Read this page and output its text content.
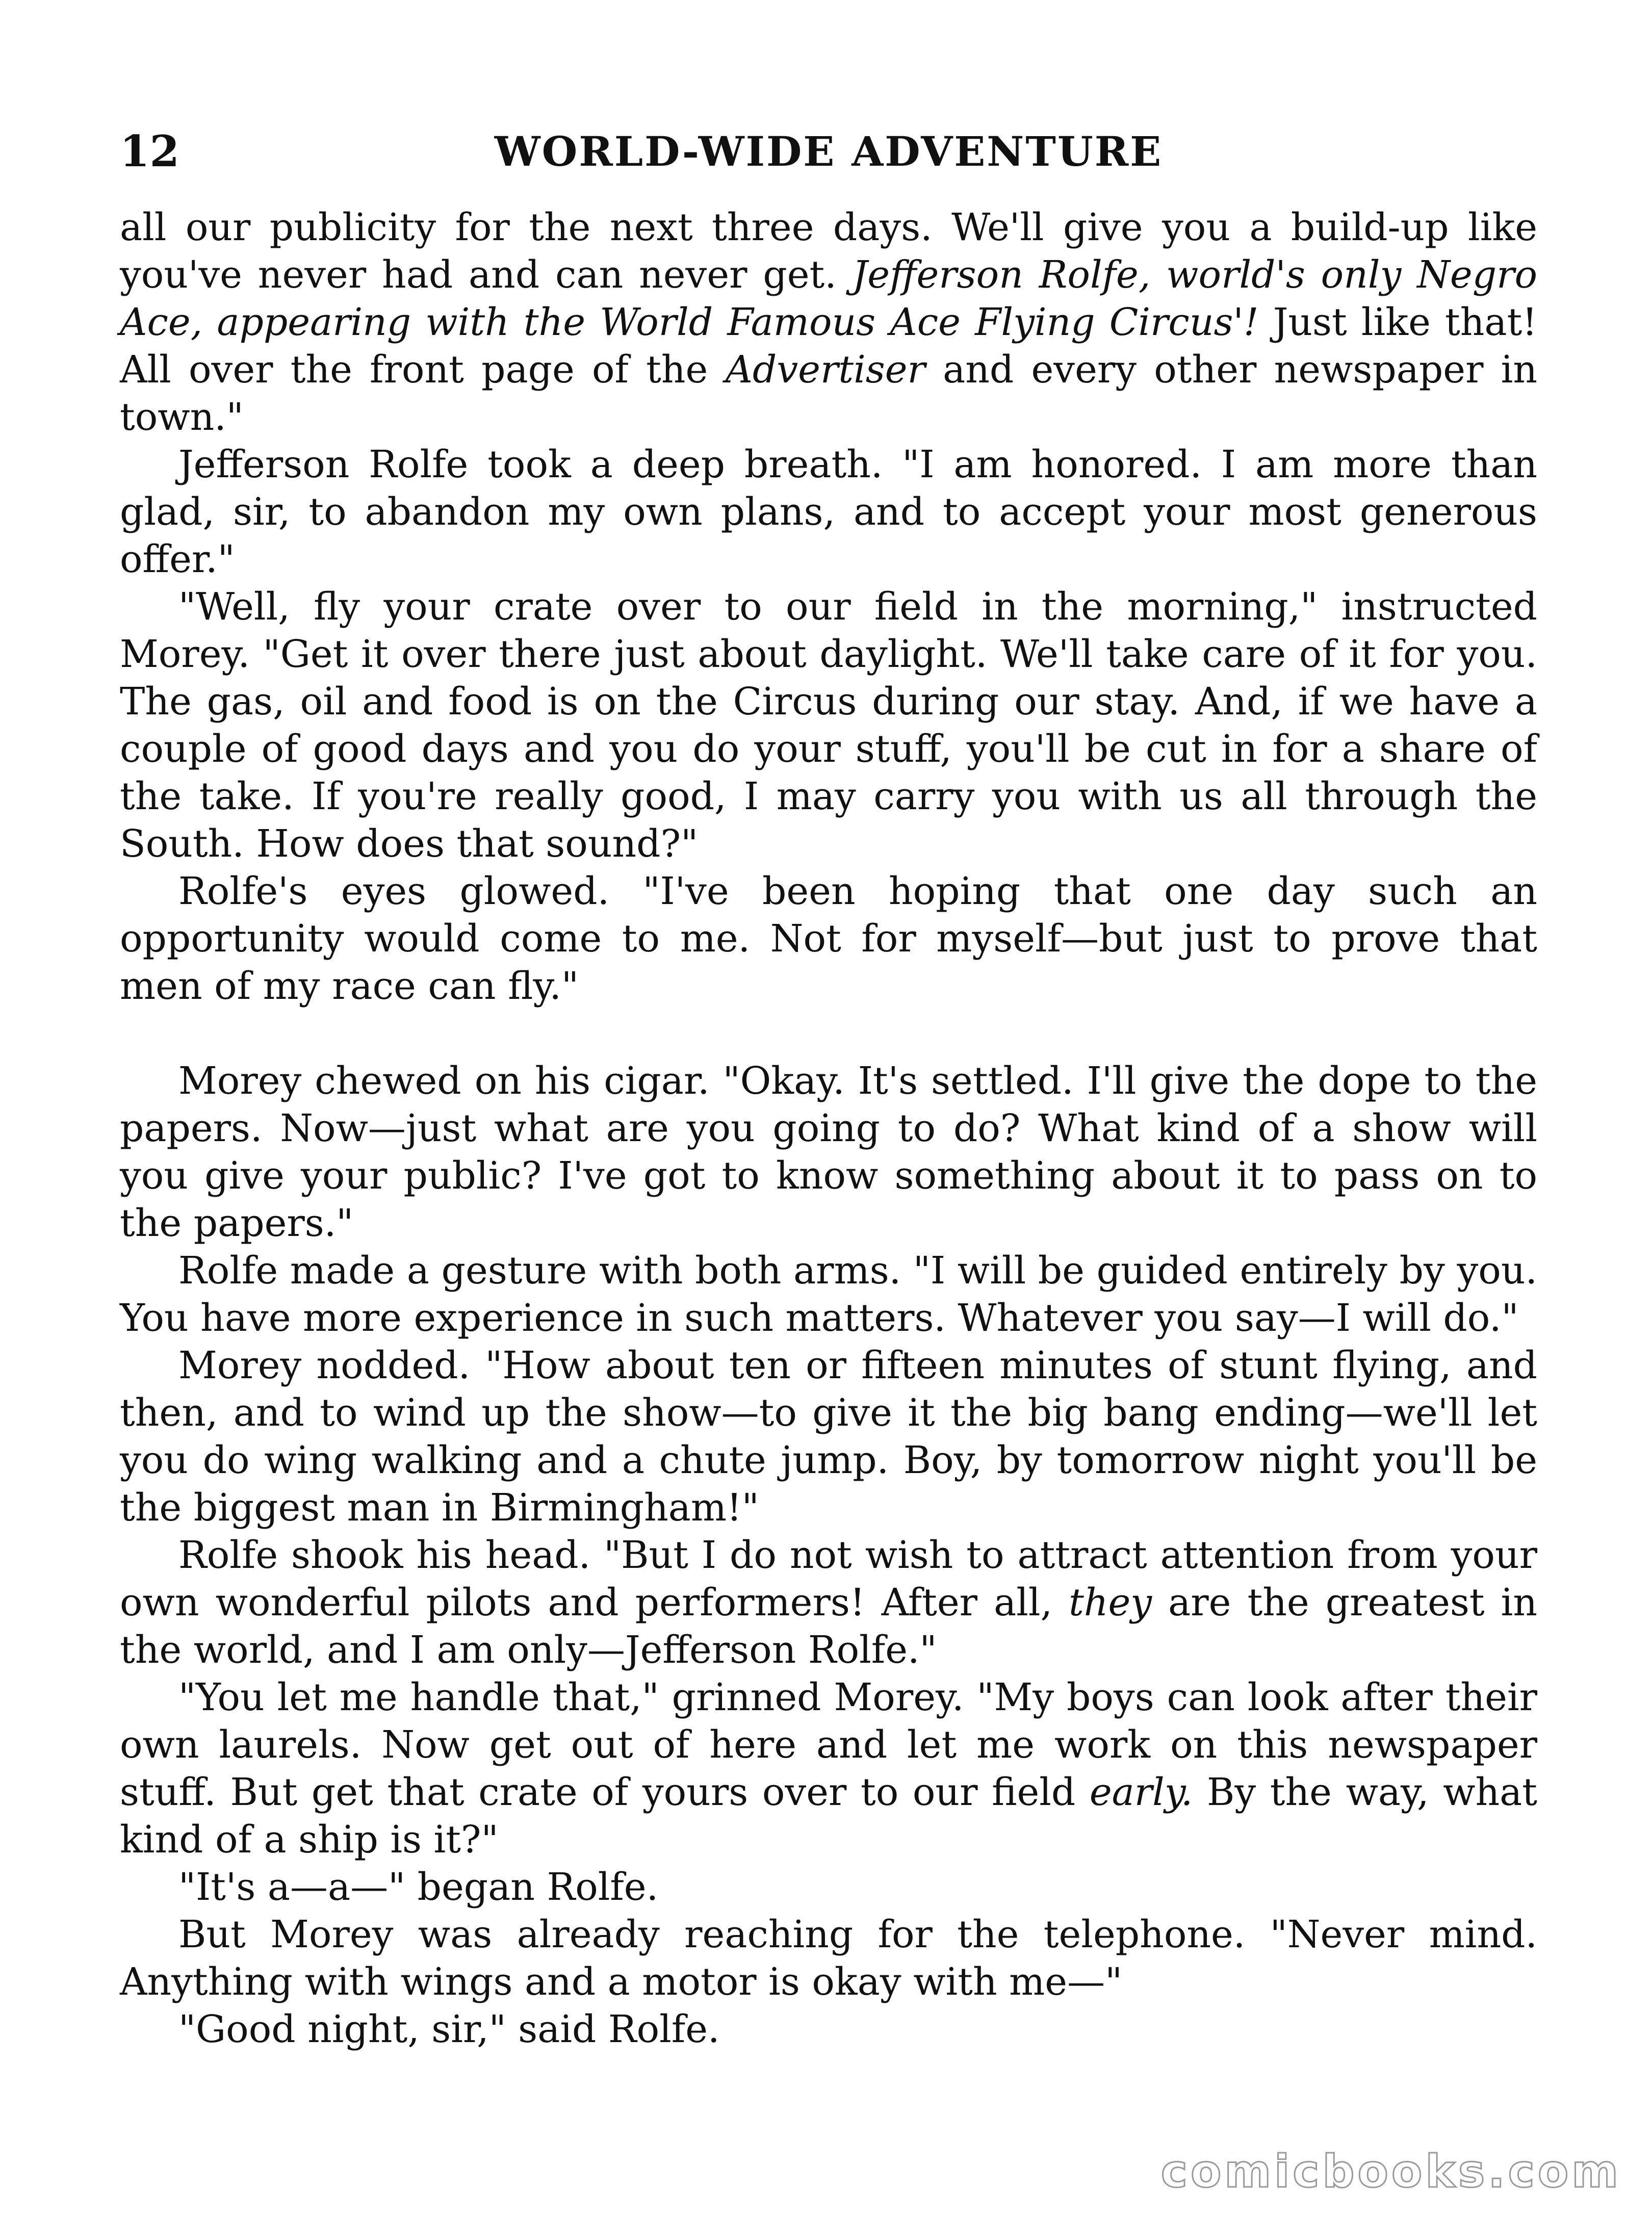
12	WORLD-WIDE ADVENTURE

all our publicity for the next three days. We'll give you a build-up like you've never had and can never get. Jefferson Rolfe, world's only Negro Ace, appearing with the World Famous Ace Flying Circus'! Just like that! All over the front page of the Advertiser and every other newspaper in town."

Jefferson Rolfe took a deep breath. "I am honored. I am more than glad, sir, to abandon my own plans, and to accept your most generous offer."

"Well, fly your crate over to our field in the morning," instructed Morey. "Get it over there just about daylight. We'll take care of it for you. The gas, oil and food is on the Circus during our stay. And, if we have a couple of good days and you do your stuff, you'll be cut in for a share of the take. If you're really good, I may carry you with us all through the South. How does that sound?"

Rolfe's eyes glowed. "I've been hoping that one day such an opportunity would come to me. Not for myself—but just to prove that men of my race can fly."

Morey chewed on his cigar. "Okay. It's settled. I'll give the dope to the papers. Now—just what are you going to do? What kind of a show will you give your public? I've got to know something about it to pass on to the papers."

Rolfe made a gesture with both arms. "I will be guided entirely by you. You have more experience in such matters. Whatever you say—I will do."

Morey nodded. "How about ten or fifteen minutes of stunt flying, and then, and to wind up the show—to give it the big bang ending—we'll let you do wing walking and a chute jump. Boy, by tomorrow night you'll be the biggest man in Birmingham!"

Rolfe shook his head. "But I do not wish to attract attention from your own wonderful pilots and performers! After all, they are the greatest in the world, and I am only—Jefferson Rolfe."

"You let me handle that," grinned Morey. "My boys can look after their own laurels. Now get out of here and let me work on this newspaper stuff. But get that crate of yours over to our field early. By the way, what kind of a ship is it?"

"It's a—a—" began Rolfe.

But Morey was already reaching for the telephone. "Never mind. Anything with wings and a motor is okay with me—"

"Good night, sir," said Rolfe.

comicbooks.com
